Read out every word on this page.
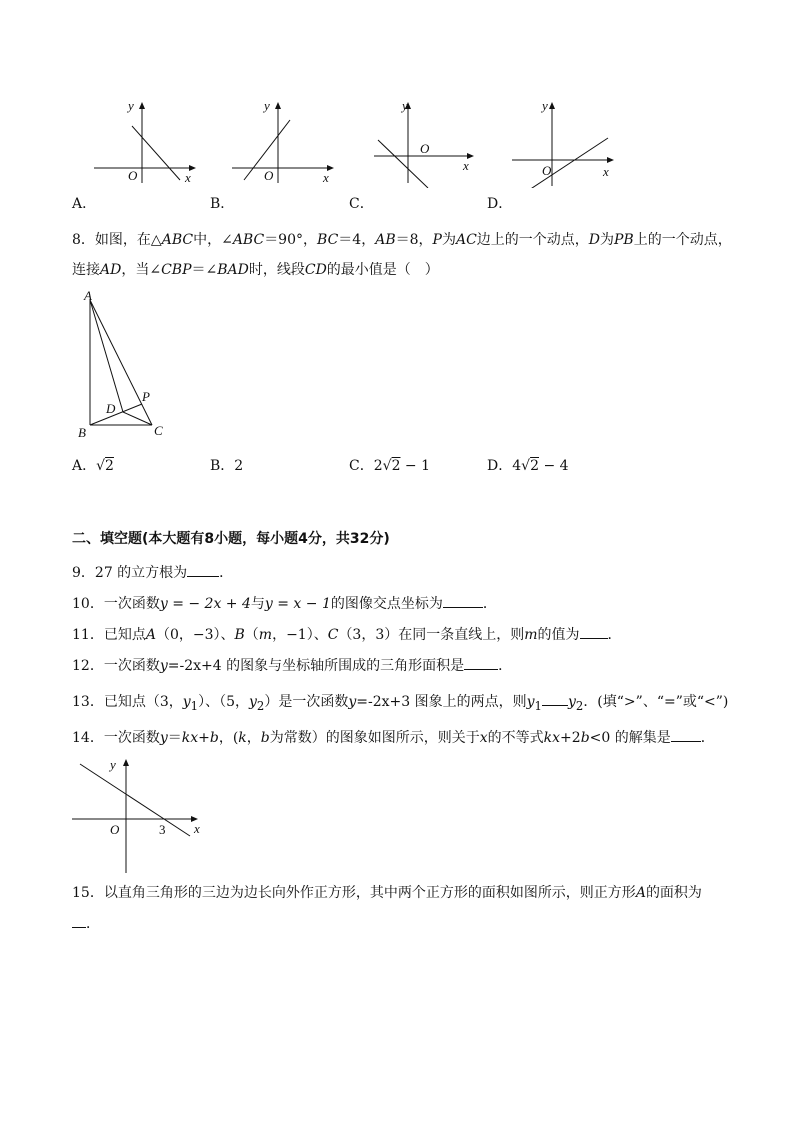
y
x
O
y
x
O
y
x
O
y
x
O
A．	B．	C．	D．
8．如图，在△ABC中，∠ABC＝90°，BC＝4，AB＝8，P为AC边上的一个动点，D为PB上的一个动点，
连接AD，当∠CBP＝∠BAD时，线段CD的最小值是（　）
A
B	C
D
P
A．√2	B．2	C．2√2 − 1	D．4√2 − 4
二、填空题(本大题有8小题，每小题4分，共32分)
9．27 的立方根为 ．
10．一次函数y = − 2x + 4与y = x − 1的图像交点坐标为	．
11．已知点A（0，−3）、B（m，−1）、C（3，3）在同一条直线上，则m的值为 ．
12．一次函数y=-2x+4 的图象与坐标轴所围成的三角形面积是 ．
13．已知点（3，$y_1$）、（5，$y_2$）是一次函数y=-2x+3 图象上的两点，则$y_1$ $y_2$．(填“>”、“=”或“<”)
14．一次函数y＝kx+b，(k，b为常数）的图象如图所示，则关于x的不等式kx+2b<0 的解集是 ．
y
x
O	3
15．以直角三角形的三边为边长向外作正方形，其中两个正方形的面积如图所示，则正方形A的面积为
．
